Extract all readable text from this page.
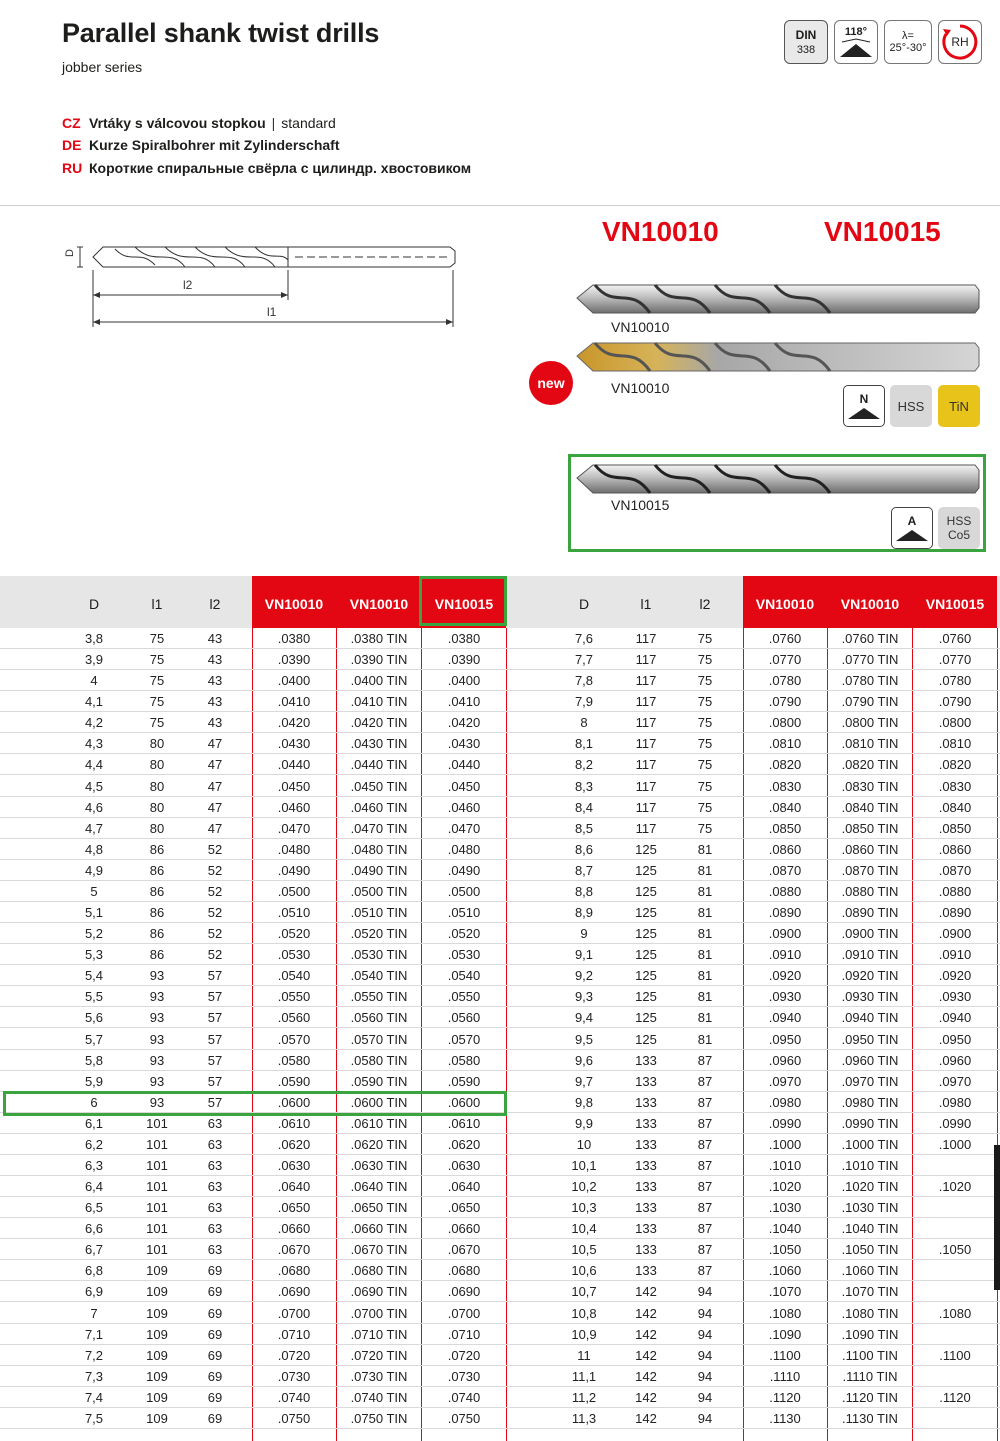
Parallel shank twist drills
jobber series
DIN
338
118°	λ=
25°-30° RH
CZ Vrtáky s válcovou stopkou | standard
DE Kurze Spiralbohrer mit Zylinderschaft
RU Короткие спиральные свёрла с цилиндр. хвостовиком
D
l2
l1
VN10010	VN10015
VN10010
VN10010
new
N	HSS	TiN
VN10015
A	HSS
Co5
D	l1	l2	VN10010	VN10010	VN10015	D	l1	l2	VN10010	VN10010	VN10015
3,8	75	43	.0380	.0380 TIN	.0380	7,6	117	75	.0760	.0760 TIN	.0760
3,9	75	43	.0390	.0390 TIN	.0390	7,7	117	75	.0770	.0770 TIN	.0770
4	75	43	.0400	.0400 TIN	.0400	7,8	117	75	.0780	.0780 TIN	.0780
4,1	75	43	.0410	.0410 TIN	.0410	7,9	117	75	.0790	.0790 TIN	.0790
4,2	75	43	.0420	.0420 TIN	.0420	8	117	75	.0800	.0800 TIN	.0800
4,3	80	47	.0430	.0430 TIN	.0430	8,1	117	75	.0810	.0810 TIN	.0810
4,4	80	47	.0440	.0440 TIN	.0440	8,2	117	75	.0820	.0820 TIN	.0820
4,5	80	47	.0450	.0450 TIN	.0450	8,3	117	75	.0830	.0830 TIN	.0830
4,6	80	47	.0460	.0460 TIN	.0460	8,4	117	75	.0840	.0840 TIN	.0840
4,7	80	47	.0470	.0470 TIN	.0470	8,5	117	75	.0850	.0850 TIN	.0850
4,8	86	52	.0480	.0480 TIN	.0480	8,6	125	81	.0860	.0860 TIN	.0860
4,9	86	52	.0490	.0490 TIN	.0490	8,7	125	81	.0870	.0870 TIN	.0870
5	86	52	.0500	.0500 TIN	.0500	8,8	125	81	.0880	.0880 TIN	.0880
5,1	86	52	.0510	.0510 TIN	.0510	8,9	125	81	.0890	.0890 TIN	.0890
5,2	86	52	.0520	.0520 TIN	.0520	9	125	81	.0900	.0900 TIN	.0900
5,3	86	52	.0530	.0530 TIN	.0530	9,1	125	81	.0910	.0910 TIN	.0910
5,4	93	57	.0540	.0540 TIN	.0540	9,2	125	81	.0920	.0920 TIN	.0920
5,5	93	57	.0550	.0550 TIN	.0550	9,3	125	81	.0930	.0930 TIN	.0930
5,6	93	57	.0560	.0560 TIN	.0560	9,4	125	81	.0940	.0940 TIN	.0940
5,7	93	57	.0570	.0570 TIN	.0570	9,5	125	81	.0950	.0950 TIN	.0950
5,8	93	57	.0580	.0580 TIN	.0580	9,6	133	87	.0960	.0960 TIN	.0960
5,9	93	57	.0590	.0590 TIN	.0590	9,7	133	87	.0970	.0970 TIN	.0970
6	93	57	.0600	.0600 TIN	.0600	9,8	133	87	.0980	.0980 TIN	.0980
6,1	101	63	.0610	.0610 TIN	.0610	9,9	133	87	.0990	.0990 TIN	.0990
6,2	101	63	.0620	.0620 TIN	.0620	10	133	87	.1000	.1000 TIN	.1000
6,3	101	63	.0630	.0630 TIN	.0630	10,1	133	87	.1010	.1010 TIN
6,4	101	63	.0640	.0640 TIN	.0640	10,2	133	87	.1020	.1020 TIN	.1020
6,5	101	63	.0650	.0650 TIN	.0650	10,3	133	87	.1030	.1030 TIN
6,6	101	63	.0660	.0660 TIN	.0660	10,4	133	87	.1040	.1040 TIN
6,7	101	63	.0670	.0670 TIN	.0670	10,5	133	87	.1050	.1050 TIN	.1050
6,8	109	69	.0680	.0680 TIN	.0680	10,6	133	87	.1060	.1060 TIN
6,9	109	69	.0690	.0690 TIN	.0690	10,7	142	94	.1070	.1070 TIN
7	109	69	.0700	.0700 TIN	.0700	10,8	142	94	.1080	.1080 TIN	.1080
7,1	109	69	.0710	.0710 TIN	.0710	10,9	142	94	.1090	.1090 TIN
7,2	109	69	.0720	.0720 TIN	.0720	11	142	94	.1100	.1100 TIN	.1100
7,3	109	69	.0730	.0730 TIN	.0730	11,1	142	94	.1110	.1110 TIN
7,4	109	69	.0740	.0740 TIN	.0740	11,2	142	94	.1120	.1120 TIN	.1120
7,5	109	69	.0750	.0750 TIN	.0750	11,3	142	94	.1130	.1130 TIN
